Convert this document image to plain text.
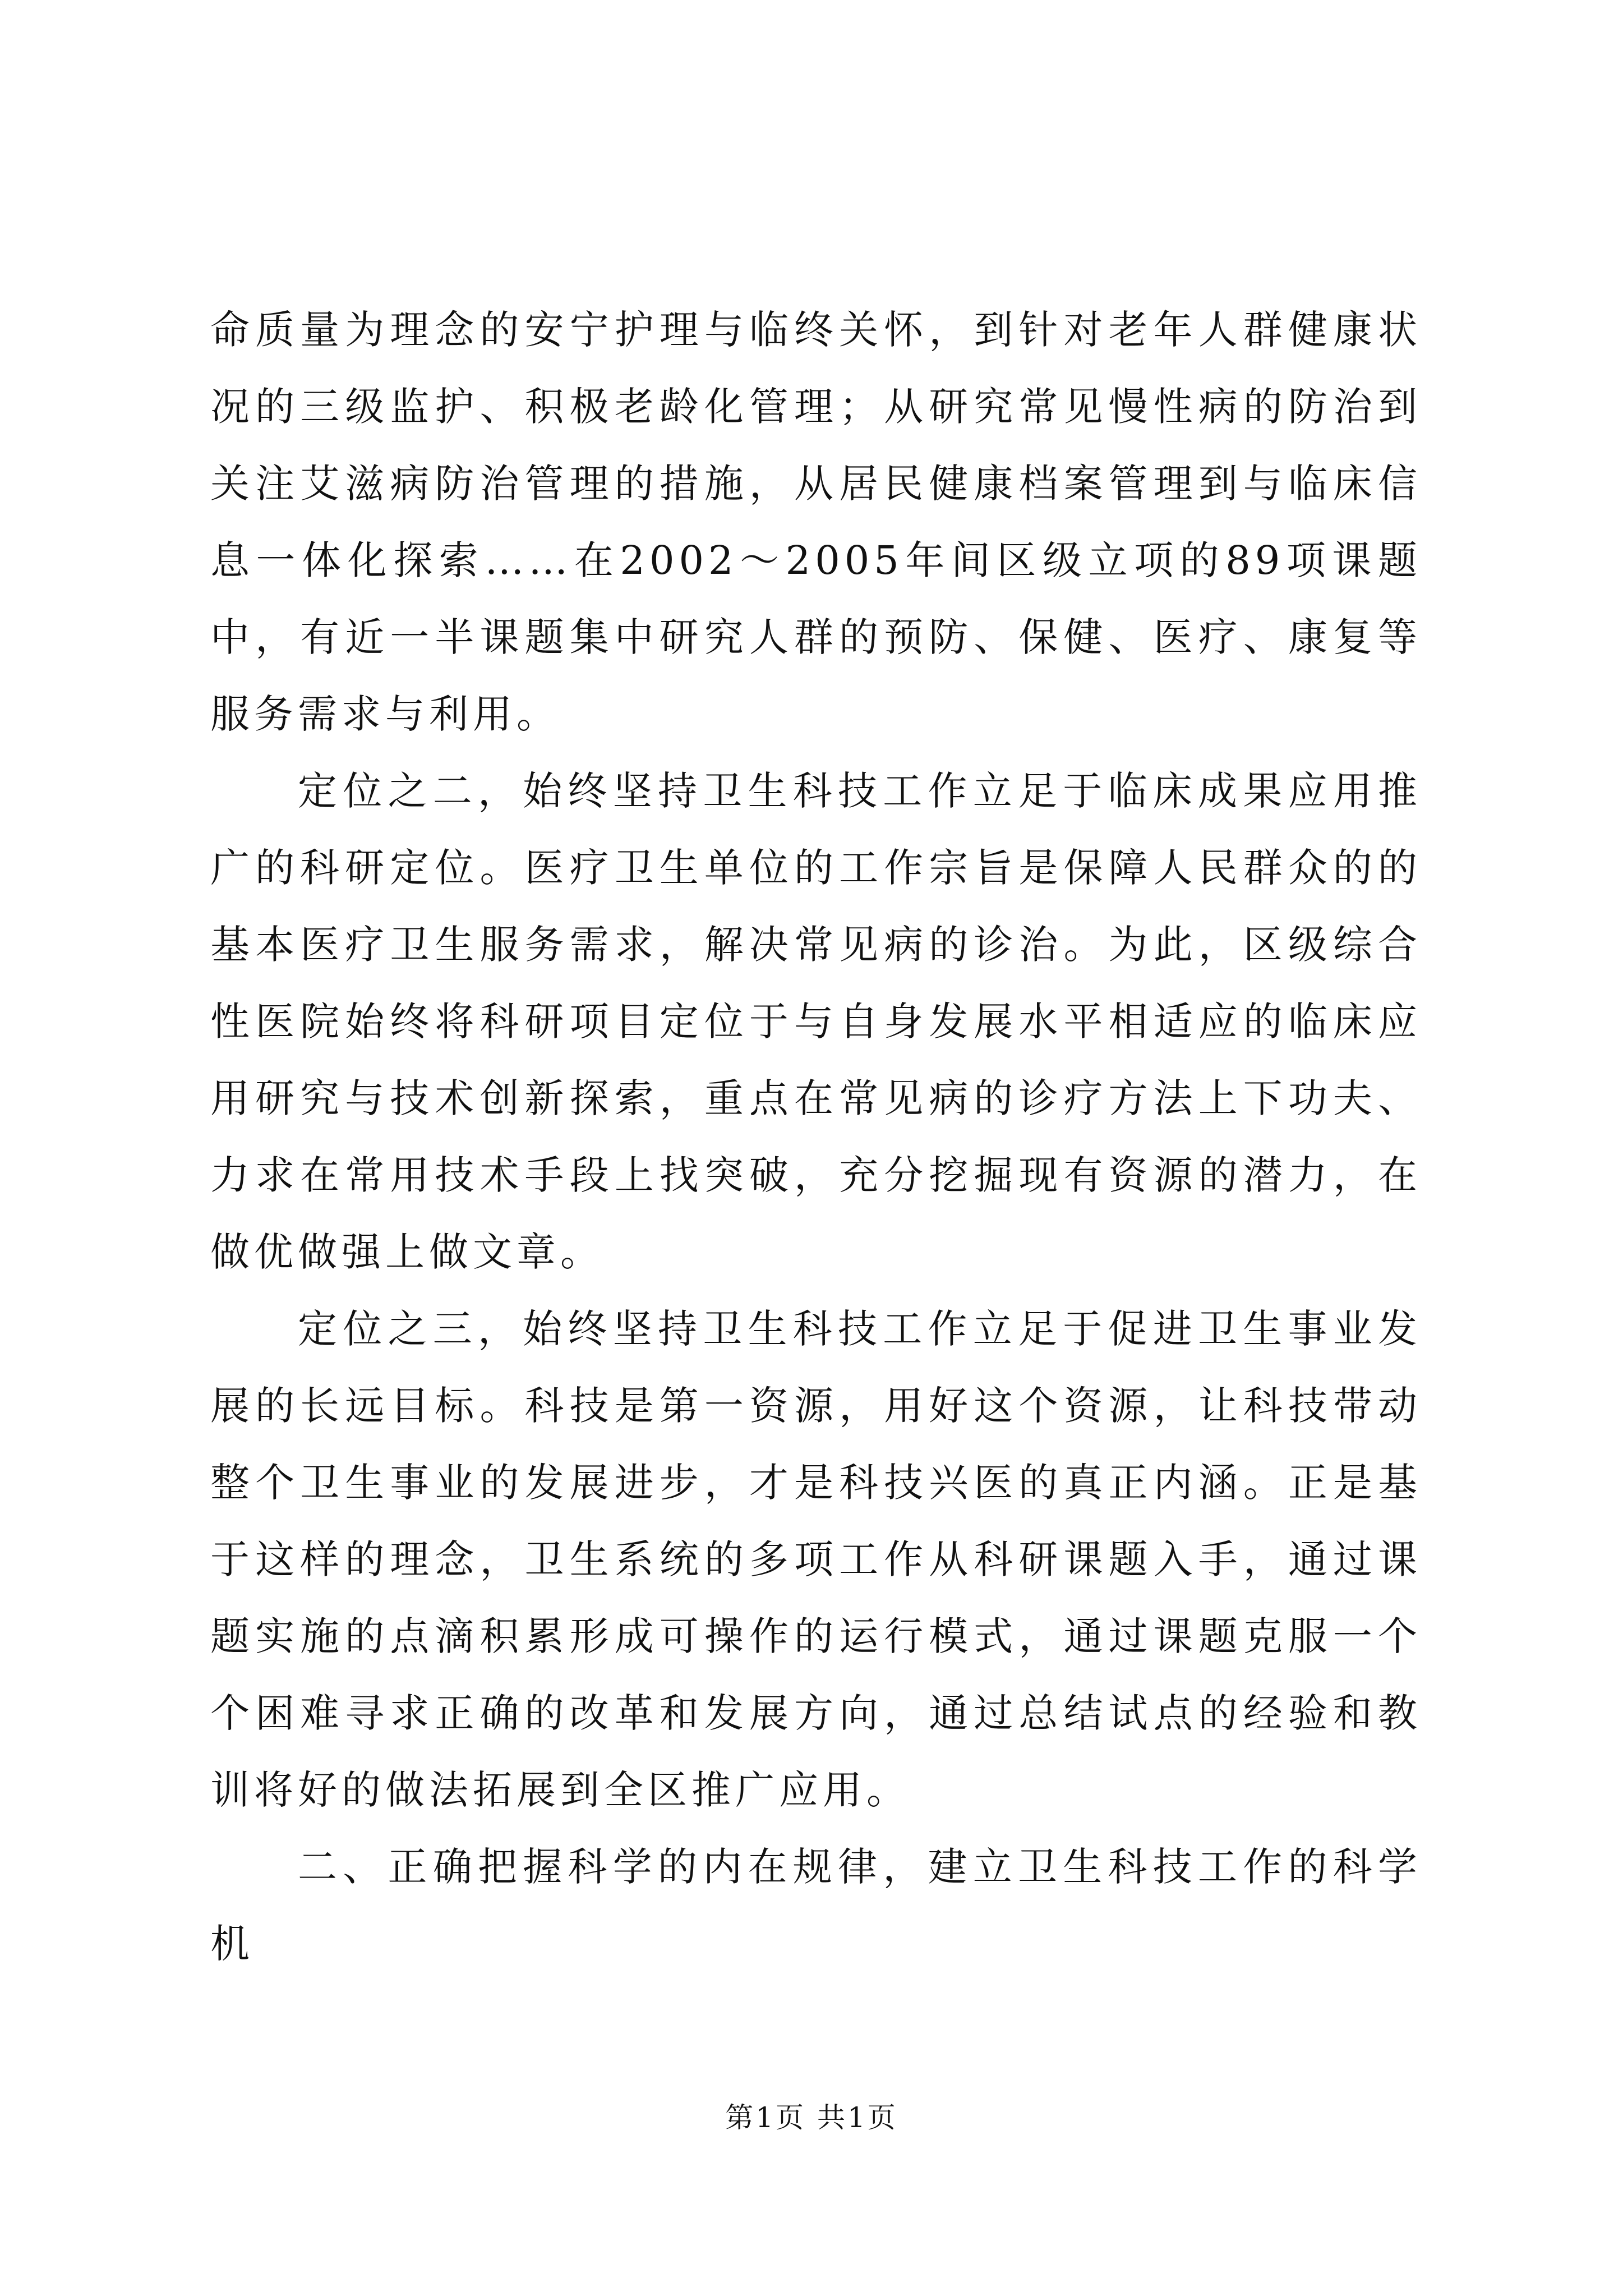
命质量为理念的安宁护理与临终关怀，到针对老年人群健康状况的三级监护、积极老龄化管理；从研究常见慢性病的防治到关注艾滋病防治管理的措施，从居民健康档案管理到与临床信息一体化探索……在2002～2005年间区级立项的89项课题中，有近一半课题集中研究人群的预防、保健、医疗、康复等服务需求与利用。

定位之二，始终坚持卫生科技工作立足于临床成果应用推广的科研定位。医疗卫生单位的工作宗旨是保障人民群众的的基本医疗卫生服务需求，解决常见病的诊治。为此，区级综合性医院始终将科研项目定位于与自身发展水平相适应的临床应用研究与技术创新探索，重点在常见病的诊疗方法上下功夫、力求在常用技术手段上找突破，充分挖掘现有资源的潜力，在做优做强上做文章。

定位之三，始终坚持卫生科技工作立足于促进卫生事业发展的长远目标。科技是第一资源，用好这个资源，让科技带动整个卫生事业的发展进步，才是科技兴医的真正内涵。正是基于这样的理念，卫生系统的多项工作从科研课题入手，通过课题实施的点滴积累形成可操作的运行模式，通过课题克服一个个困难寻求正确的改革和发展方向，通过总结试点的经验和教训将好的做法拓展到全区推广应用。

二、正确把握科学的内在规律，建立卫生科技工作的科学机

第1页 共1页
